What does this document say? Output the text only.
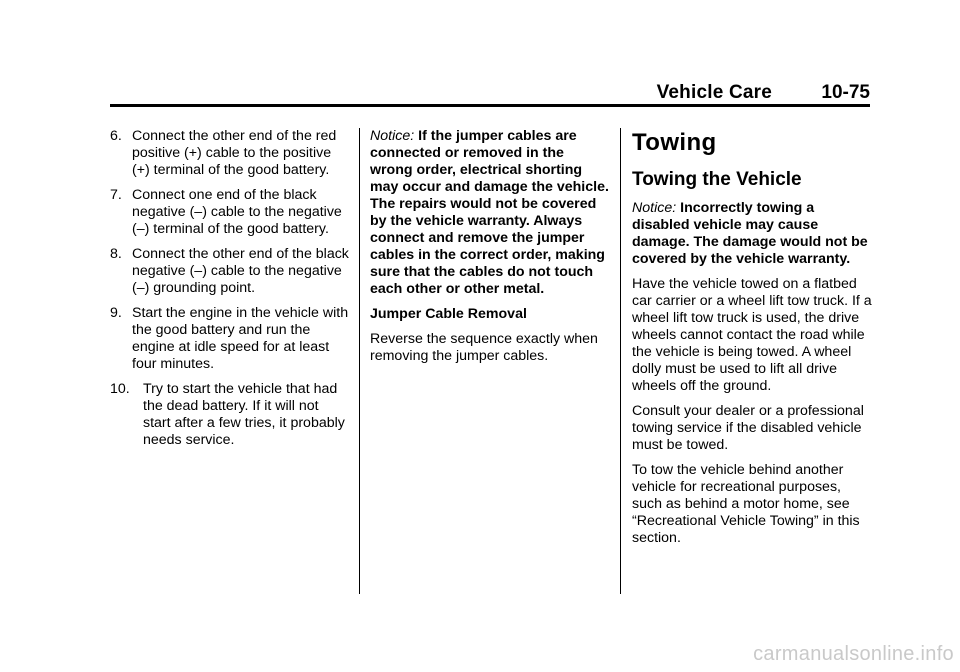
Vehicle Care	10-75
6. Connect the other end of the red positive (+) cable to the positive (+) terminal of the good battery.
7. Connect one end of the black negative (–) cable to the negative (–) terminal of the good battery.
8. Connect the other end of the black negative (–) cable to the negative (–) grounding point.
9. Start the engine in the vehicle with the good battery and run the engine at idle speed for at least four minutes.
10. Try to start the vehicle that had the dead battery. If it will not start after a few tries, it probably needs service.
Notice: If the jumper cables are connected or removed in the wrong order, electrical shorting may occur and damage the vehicle. The repairs would not be covered by the vehicle warranty. Always connect and remove the jumper cables in the correct order, making sure that the cables do not touch each other or other metal.
Jumper Cable Removal
Reverse the sequence exactly when removing the jumper cables.
Towing
Towing the Vehicle
Notice: Incorrectly towing a disabled vehicle may cause damage. The damage would not be covered by the vehicle warranty.
Have the vehicle towed on a flatbed car carrier or a wheel lift tow truck. If a wheel lift tow truck is used, the drive wheels cannot contact the road while the vehicle is being towed. A wheel dolly must be used to lift all drive wheels off the ground.
Consult your dealer or a professional towing service if the disabled vehicle must be towed.
To tow the vehicle behind another vehicle for recreational purposes, such as behind a motor home, see “Recreational Vehicle Towing” in this section.
carmanualsonline.info
